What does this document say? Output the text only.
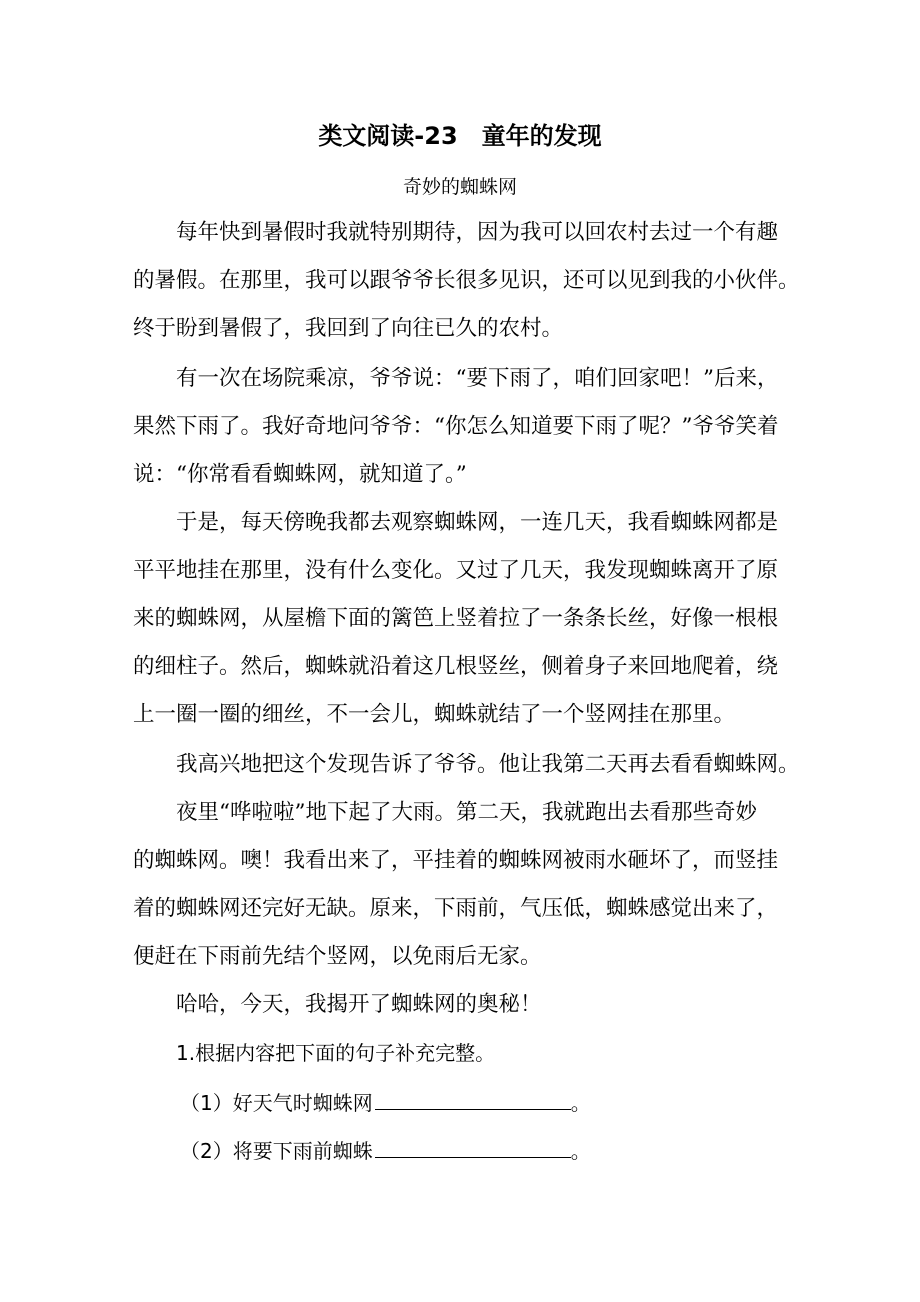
类文阅读-23　童年的发现
奇妙的蜘蛛网
每年快到暑假时我就特别期待，因为我可以回农村去过一个有趣
的暑假。在那里，我可以跟爷爷长很多见识，还可以见到我的小伙伴。
终于盼到暑假了，我回到了向往已久的农村。
有一次在场院乘凉，爷爷说：“要下雨了，咱们回家吧！”后来，
果然下雨了。我好奇地问爷爷：“你怎么知道要下雨了呢？”爷爷笑着
说：“你常看看蜘蛛网，就知道了。”
于是，每天傍晚我都去观察蜘蛛网，一连几天，我看蜘蛛网都是
平平地挂在那里，没有什么变化。又过了几天，我发现蜘蛛离开了原
来的蜘蛛网，从屋檐下面的篱笆上竖着拉了一条条长丝，好像一根根
的细柱子。然后，蜘蛛就沿着这几根竖丝，侧着身子来回地爬着，绕
上一圈一圈的细丝，不一会儿，蜘蛛就结了一个竖网挂在那里。
我高兴地把这个发现告诉了爷爷。他让我第二天再去看看蜘蛛网。
夜里“哗啦啦”地下起了大雨。第二天，我就跑出去看那些奇妙
的蜘蛛网。噢！我看出来了，平挂着的蜘蛛网被雨水砸坏了，而竖挂
着的蜘蛛网还完好无缺。原来，下雨前，气压低，蜘蛛感觉出来了，
便赶在下雨前先结个竖网，以免雨后无家。
哈哈，今天，我揭开了蜘蛛网的奥秘！
1.根据内容把下面的句子补充完整。
（1）好天气时蜘蛛网	。
（2）将要下雨前蜘蛛	。
